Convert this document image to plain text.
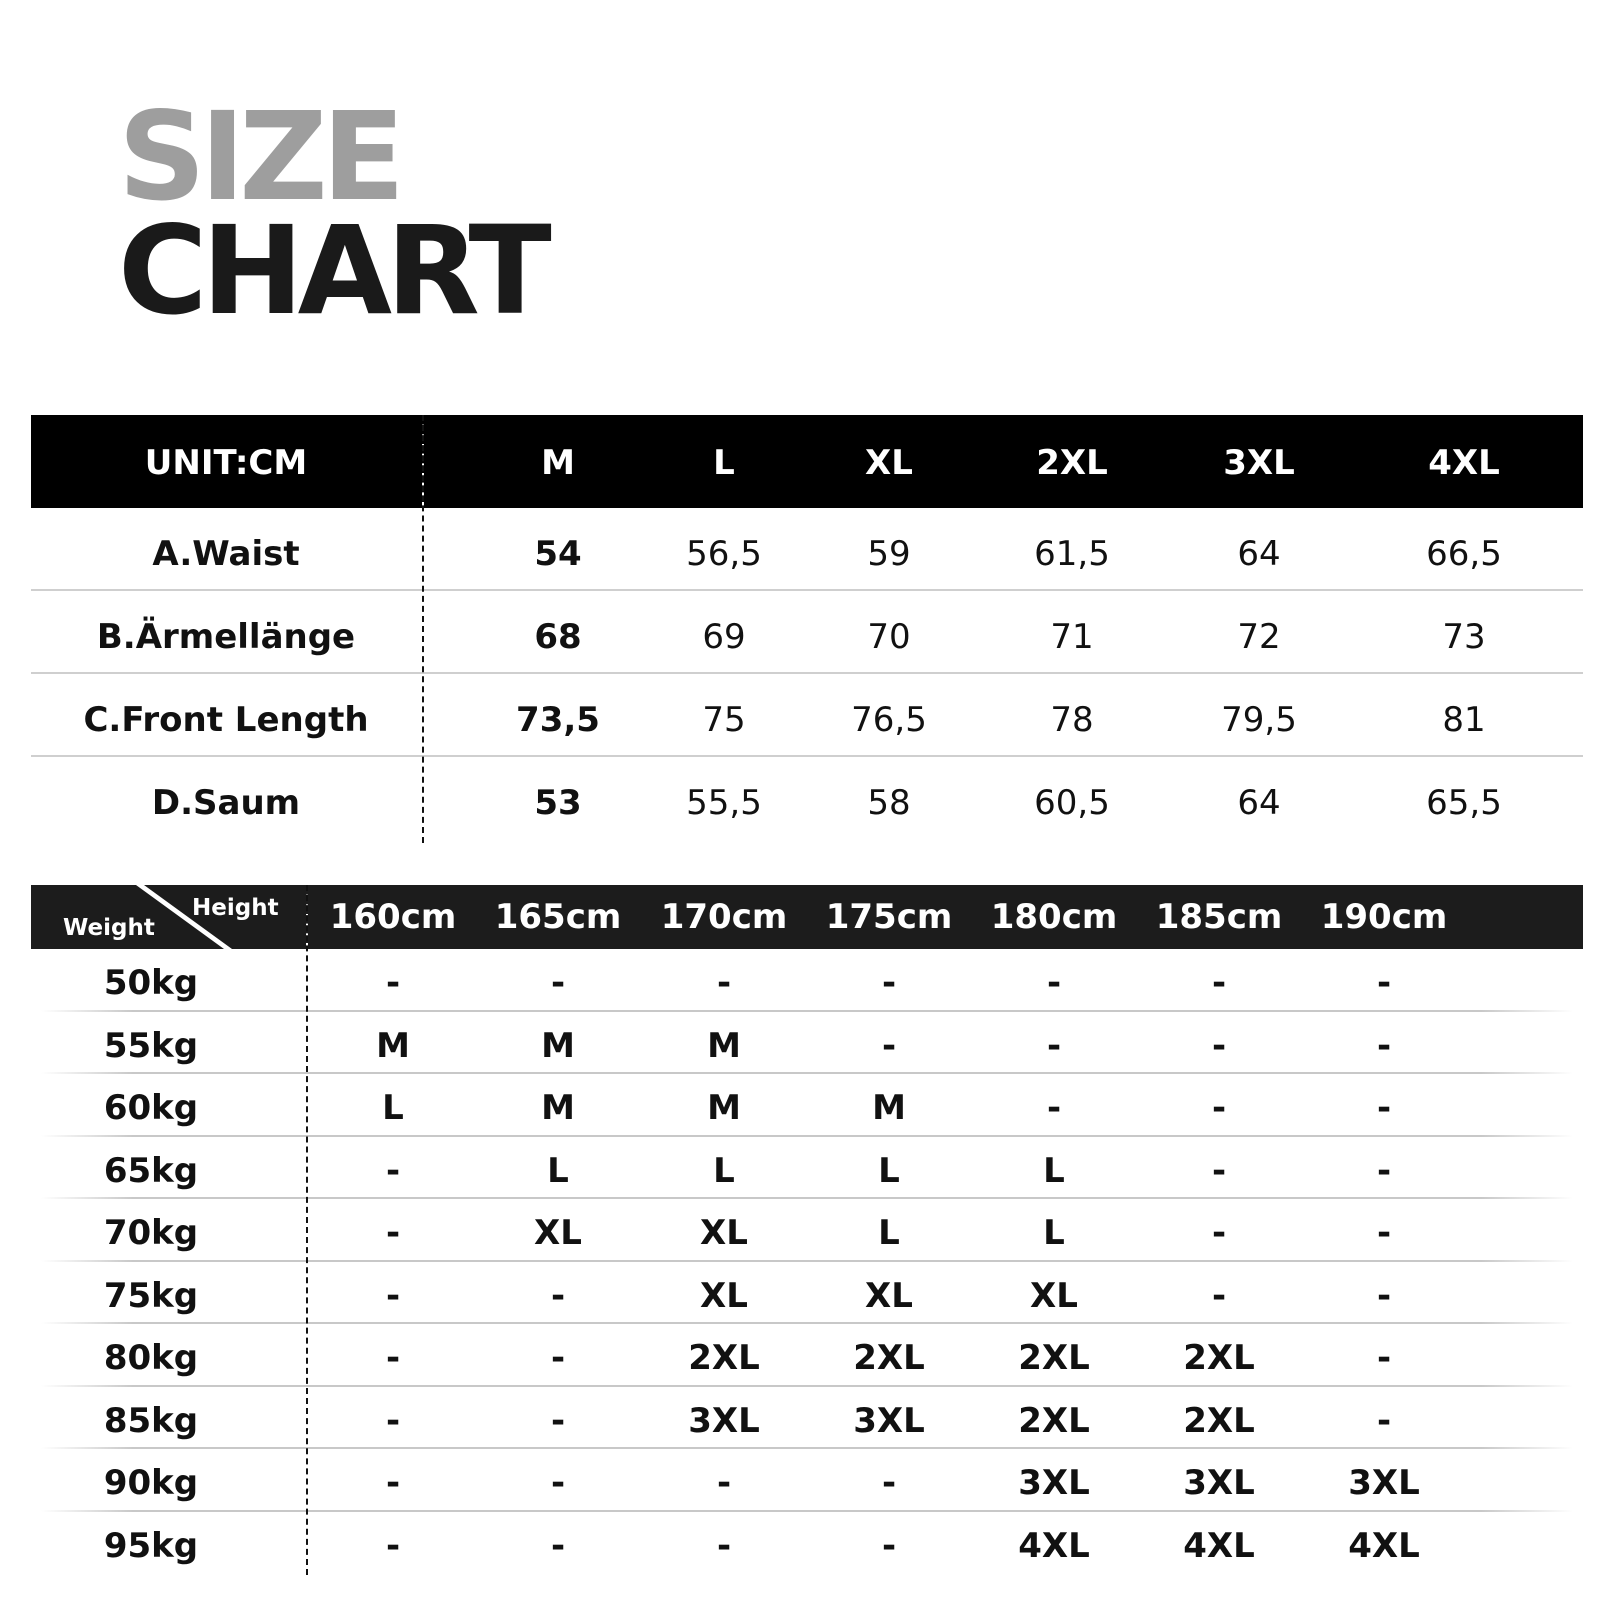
SIZE
CHART
UNIT:CM	M	L	XL	2XL	3XL	4XL
A.Waist	54	56,5	59	61,5	64	66,5
B.Ärmellänge	68	69	70	71	72	73
C.Front Length	73,5	75	76,5	78	79,5	81
D.Saum	53	55,5	58	60,5	64	65,5
Weight
Height 160cm 165cm 170cm 175cm 180cm 185cm 190cm
50kg	-	-	-	-	-	-	-
55kg	M	M	M	-	-	-	-
60kg	L	M	M	M	-	-	-
65kg	-	L	L	L	L	-	-
70kg	-	XL	XL	L	L	-	-
75kg	-	-	XL	XL	XL	-	-
80kg	-	-	2XL	2XL	2XL	2XL	-
85kg	-	-	3XL	3XL	2XL	2XL	-
90kg	-	-	-	-	3XL	3XL	3XL
95kg	-	-	-	-	4XL	4XL	4XL
